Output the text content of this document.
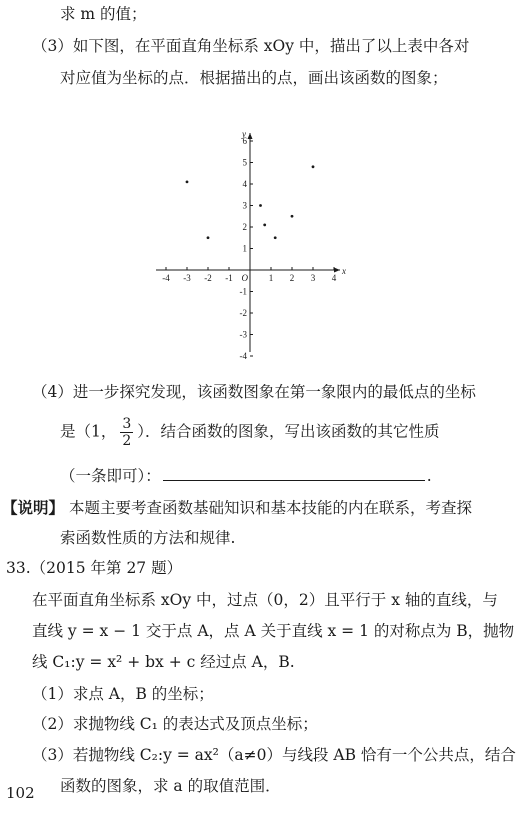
求 m 的值；
（3）如下图，在平面直角坐标系 xOy 中，描出了以上表中各对
对应值为坐标的点．根据描出的点，画出该函数的图象；
x
y
-4 -3 -2 -1	1 2 3 4
O
6
5
4
3
2
1
-1
-2
-3
-4
（4）进一步探究发现，该函数图象在第一象限内的最低点的坐标
是（1， $\frac{3}{2}$ ）．结合函数的图象，写出该函数的其它性质
（一条即可）：	.
【说明】 本题主要考查函数基础知识和基本技能的内在联系，考查探
索函数性质的方法和规律.
33.（2015 年第 27 题）
在平面直角坐标系 xOy 中，过点（0，2）且平行于 x 轴的直线，与
直线 y = x − 1 交于点 A，点 A 关于直线 x = 1 的对称点为 B，抛物
线 C₁:y = x² + bx + c 经过点 A，B.
（1）求点 A，B 的坐标；
（2）求抛物线 C₁ 的表达式及顶点坐标；
（3）若抛物线 C₂:y = ax²（a≠0）与线段 AB 恰有一个公共点，结合
函数的图象，求 a 的取值范围．
102
